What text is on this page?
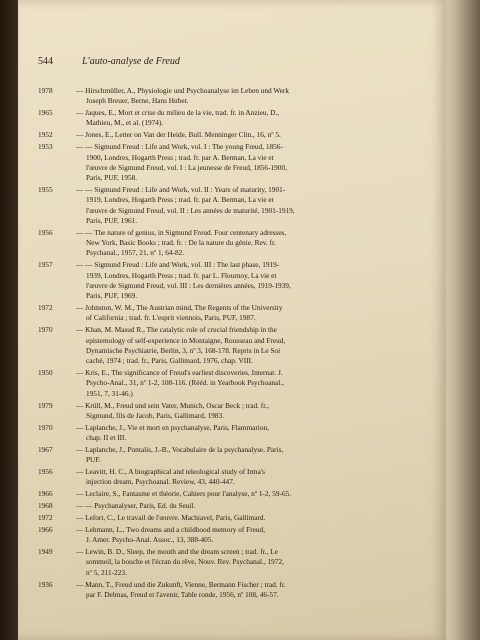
544	L'auto-analyse de Freud
1978	— Hirschmüller, A., Physiologie und Psychoanalyse im Leben und Werk
Joseph Breuer, Berne, Hans Huber.
1965	— Jaques, E., Mort et crise du milieu de la vie, trad. fr. in Anzieu, D.,
Mathieu, M., et al. (1974).
1952	— Jones, E., Letter on Van der Heide, Bull. Menninger Clin., 16, nº 5.
1953	— — Sigmund Freud : Life and Work, vol. I : The young Freud, 1856-
1900, Londres, Hogarth Press ; trad. fr. par A. Berman, La vie et
l'œuvre de Sigmund Freud, vol. I : La jeunesse de Freud, 1856-1900,
Paris, PUF, 1958.
1955	— — Sigmund Freud : Life and Work, vol. II : Years of maturity, 1901-
1919, Londres, Hogarth Press ; trad. fr. par A. Berman, La vie et
l'œuvre de Sigmund Freud, vol. II : Les années de maturité, 1901-1919,
Paris, PUF, 1961.
1956	— — The nature of genius, in Sigmund Freud. Four centenary adresses,
New York, Basic Books ; trad. fr. : De la nature du génie, Rev. fr.
Psychanal., 1957, 21, nº 1, 64-82.
1957	— — Sigmund Freud : Life and Work, vol. III : The last phase, 1919-
1939, Londres, Hogarth Press ; trad. fr. par L. Flournoy, La vie et
l'œuvre de Sigmund Freud, vol. III : Les dernières années, 1919-1939,
Paris, PUF, 1969.
1972	— Johnston, W. M., The Austrian mind, The Regents of the University
of California ; trad. fr. L'esprit viennois, Paris, PUF, 1987.
1970	— Khan, M. Masud R., The catalytic role of crucial friendship in the
epistemology of self-experience in Montaigne, Rousseau and Freud,
Dynamische Psychiatrie, Berlin, 3, nº 3, 168-178. Repris in Le Soi
caché, 1974 ; trad. fr., Paris, Gallimard, 1976, chap. VIII.
1950	— Kris, E., The significance of Freud's earliest discoveries, Internat. J.
Psycho-Anal., 31, nº 1-2, 108-116. (Rééd. in Yearbook Psychoanal.,
1951, 7, 31-46.)
1979	— Krüll, M., Freud und sein Vater, Munich, Oscar Beck ; trad. fr.,
Sigmund, fils de Jacob, Paris, Gallimard, 1983.
1970	— Laplanche, J., Vie et mort en psychanalyse, Paris, Flammarion,
chap. II et III.
1967	— Laplanche, J., Pontalis, J.-B., Vocabulaire de la psychanalyse, Paris,
PUF.
1956	— Leavitt, H. C., A biographical and teleological study of Irma's
injection dream, Psychoanal. Review, 43, 440-447.
1966	— Leclaire, S., Fantasme et théorie, Cahiers pour l'analyse, nº 1-2, 59-65.
1968	— — Psychanalyser, Paris, Ed. du Seuil.
1972	— Lefort, C., Le travail de l'œuvre. Machiavel, Paris, Gallimard.
1966	— Lehmann, L., Two dreams and a childhood memory of Freud,
J. Amer. Psycho-Anal. Assoc., 13, 388-405.
1949	— Lewin, B. D., Sleep, the mouth and the dream screen ; trad. fr., Le
sommeil, la bouche et l'écran du rêve, Nouv. Rev. Psychanal., 1972,
nº 5, 211-223.
1936	— Mann, T., Freud und die Zukunft, Vienne, Bermann Fischer ; trad. fr.
par F. Delmas, Freud et l'avenir, Table ronde, 1956, nº 108, 46-57.
